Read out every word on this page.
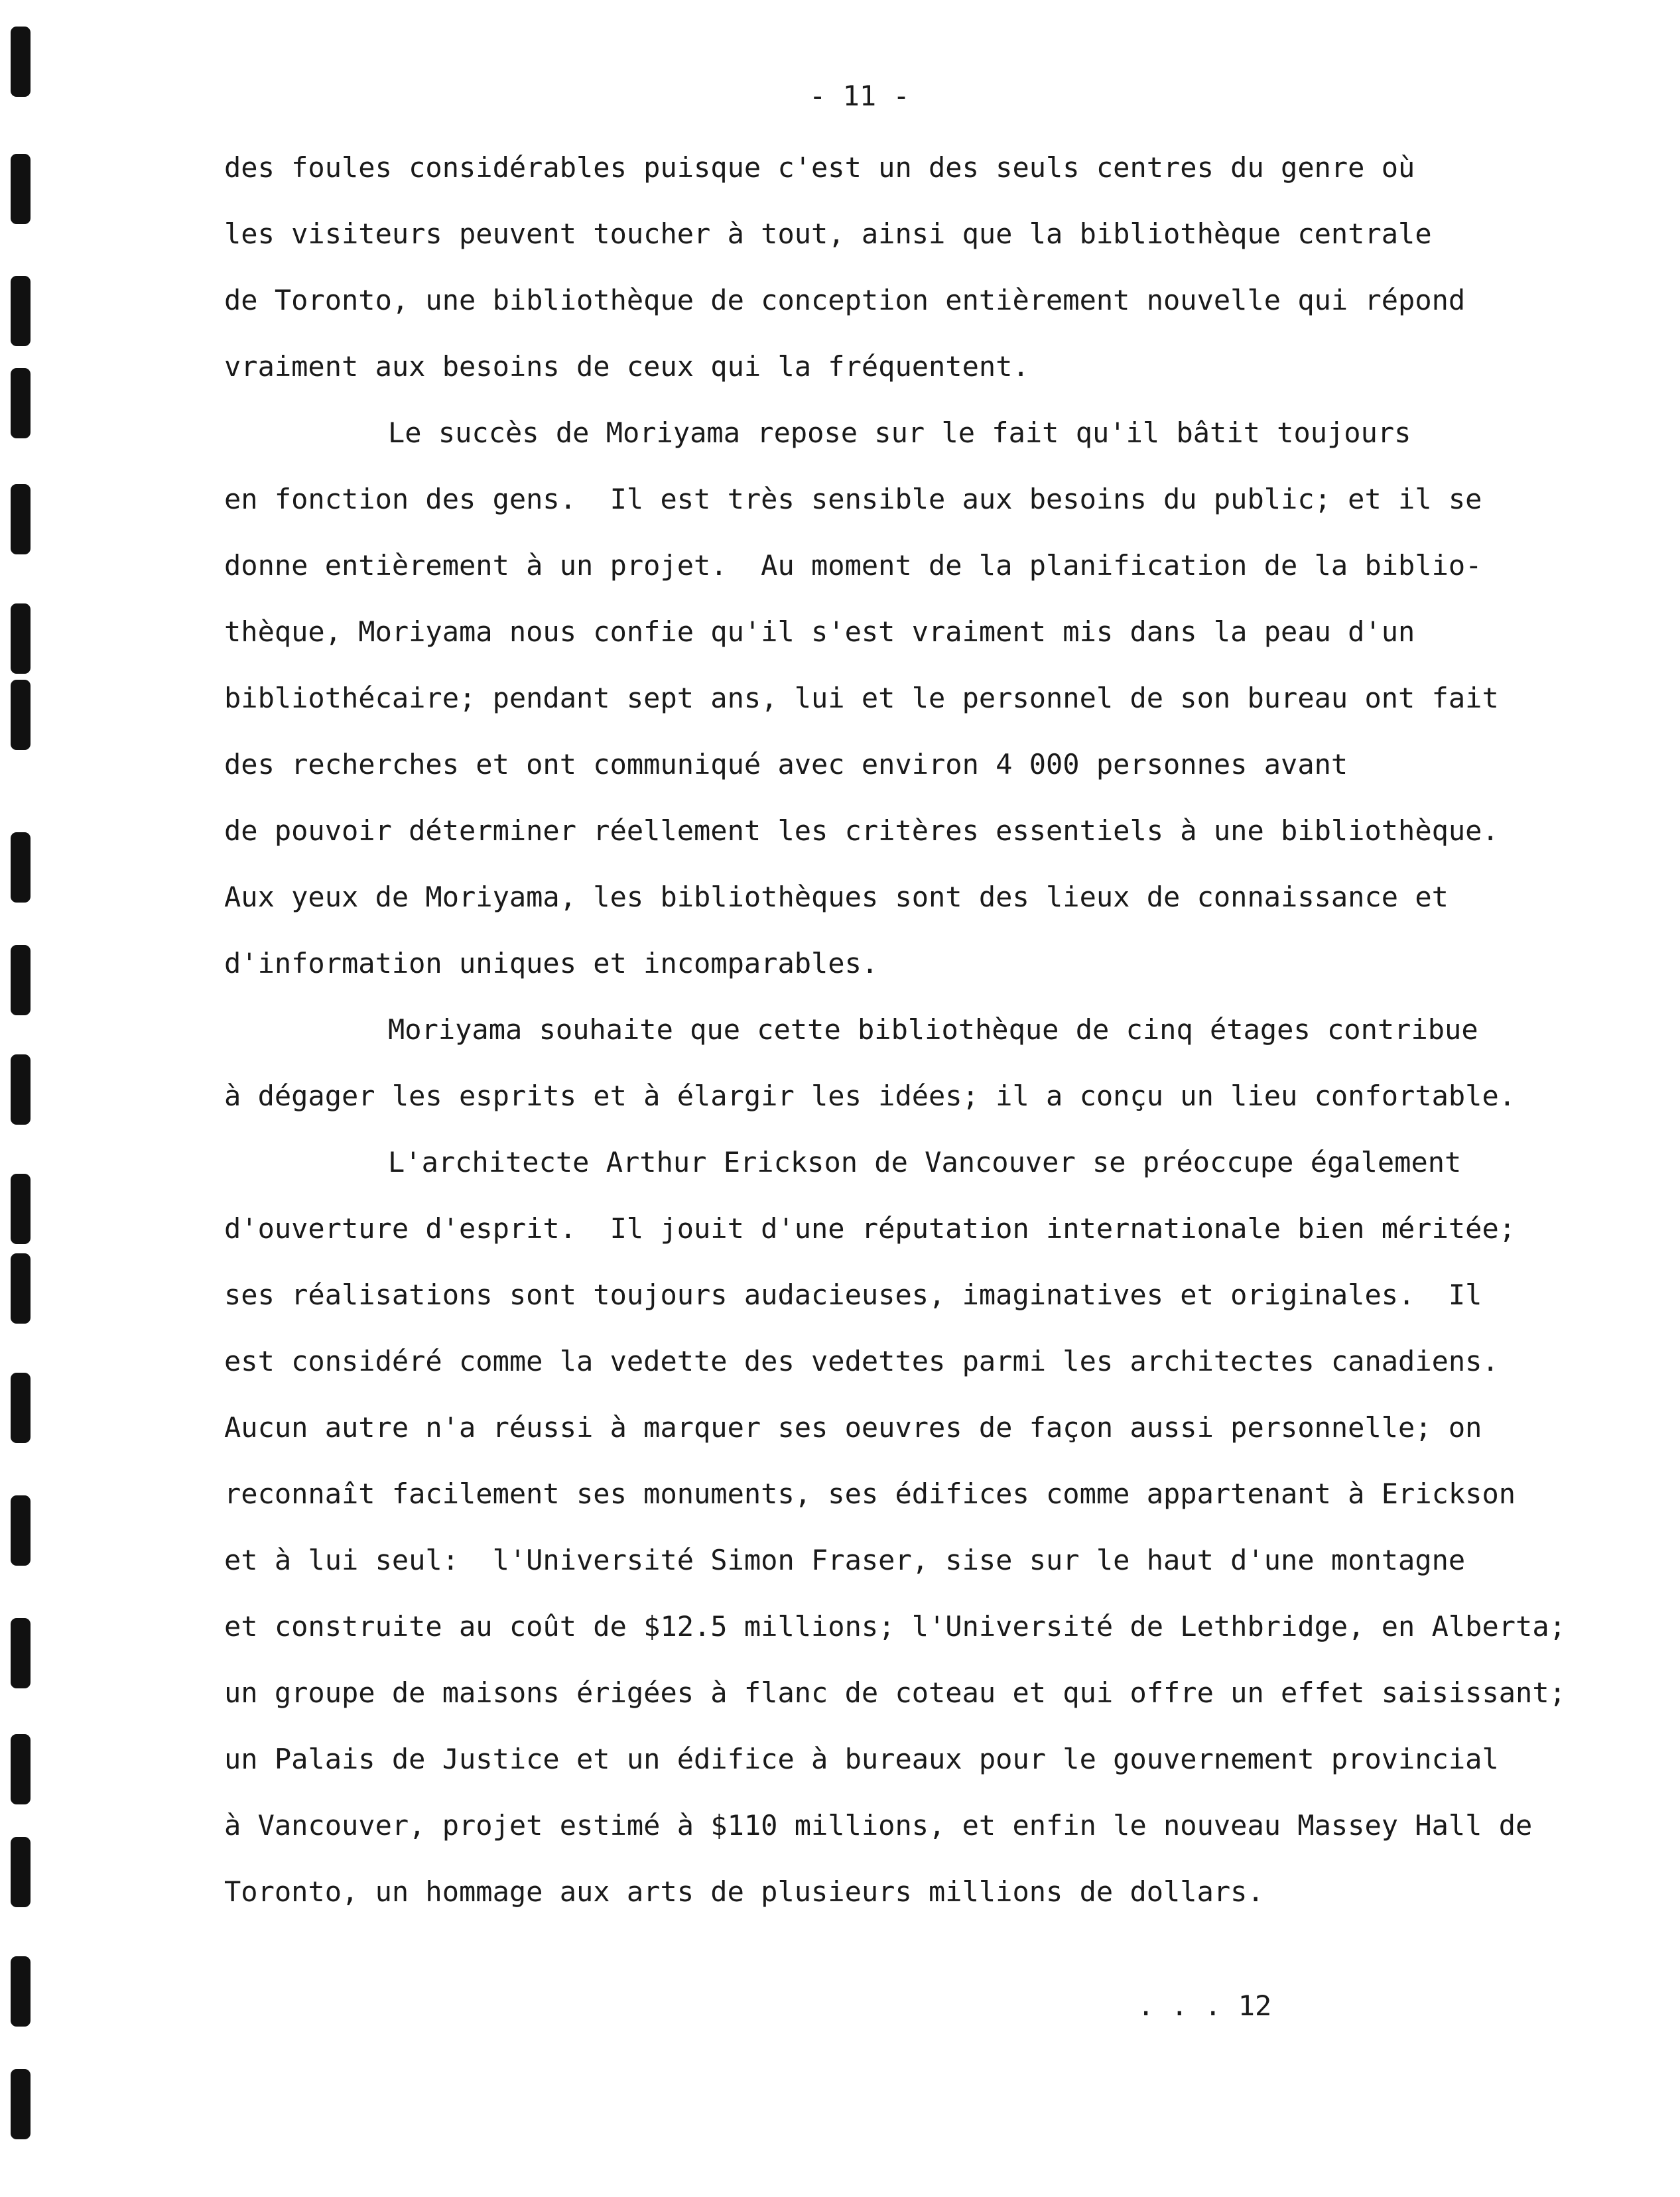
- 11 -
des foules considérables puisque c'est un des seuls centres du genre où
les visiteurs peuvent toucher à tout, ainsi que la bibliothèque centrale
de Toronto, une bibliothèque de conception entièrement nouvelle qui répond
vraiment aux besoins de ceux qui la fréquentent.
Le succès de Moriyama repose sur le fait qu'il bâtit toujours
en fonction des gens.  Il est très sensible aux besoins du public; et il se
donne entièrement à un projet.  Au moment de la planification de la biblio-
thèque, Moriyama nous confie qu'il s'est vraiment mis dans la peau d'un
bibliothécaire; pendant sept ans, lui et le personnel de son bureau ont fait
des recherches et ont communiqué avec environ 4 000 personnes avant
de pouvoir déterminer réellement les critères essentiels à une bibliothèque.
Aux yeux de Moriyama, les bibliothèques sont des lieux de connaissance et
d'information uniques et incomparables.
Moriyama souhaite que cette bibliothèque de cinq étages contribue
à dégager les esprits et à élargir les idées; il a conçu un lieu confortable.
L'architecte Arthur Erickson de Vancouver se préoccupe également
d'ouverture d'esprit.  Il jouit d'une réputation internationale bien méritée;
ses réalisations sont toujours audacieuses, imaginatives et originales.  Il
est considéré comme la vedette des vedettes parmi les architectes canadiens.
Aucun autre n'a réussi à marquer ses oeuvres de façon aussi personnelle; on
reconnaît facilement ses monuments, ses édifices comme appartenant à Erickson
et à lui seul:  l'Université Simon Fraser, sise sur le haut d'une montagne
et construite au coût de $12.5 millions; l'Université de Lethbridge, en Alberta;
un groupe de maisons érigées à flanc de coteau et qui offre un effet saisissant;
un Palais de Justice et un édifice à bureaux pour le gouvernement provincial
à Vancouver, projet estimé à $110 millions, et enfin le nouveau Massey Hall de
Toronto, un hommage aux arts de plusieurs millions de dollars.
. . . 12
